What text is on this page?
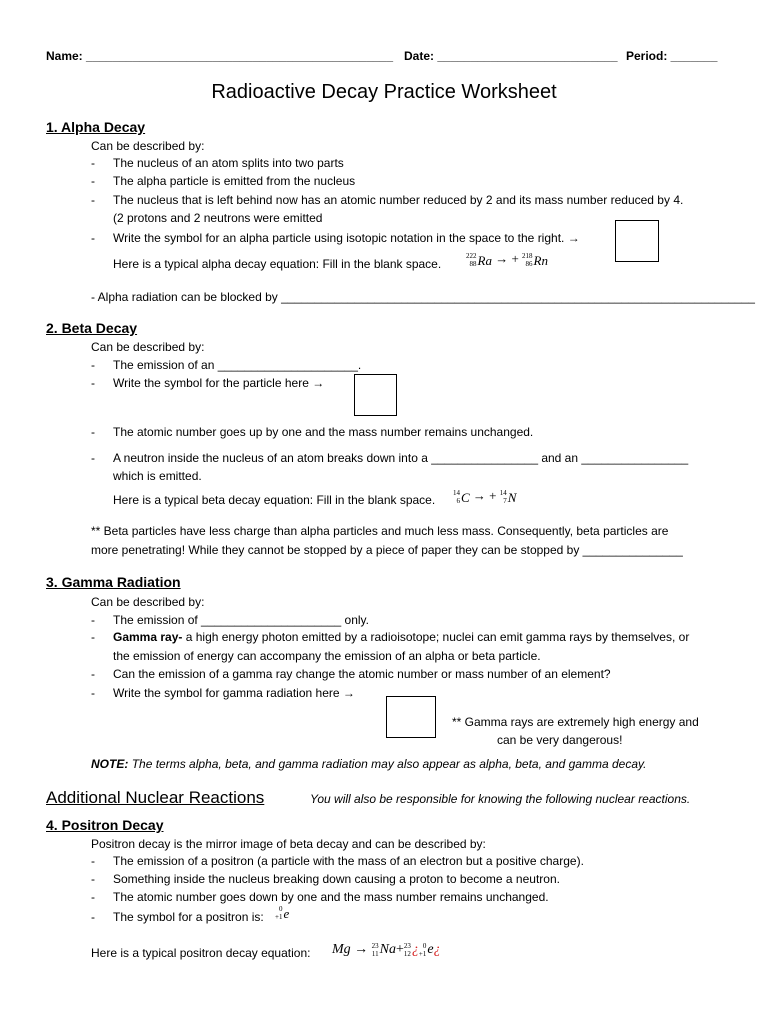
Name: ______________________________________________ Date: ___________________________ Period: _______
Radioactive Decay Practice Worksheet
1. Alpha Decay
Can be described by:
- The nucleus of an atom splits into two parts
- The alpha particle is emitted from the nucleus
- The nucleus that is left behind now has an atomic number reduced by 2 and its mass number reduced by 4.
(2 protons and 2 neutrons were emitted
- Write the symbol for an alpha particle using isotopic notation in the space to the right. →
Here is a typical alpha decay equation: Fill in the blank space.
222
88 Ra → + 218
86 Rn
- Alpha radiation can be blocked by _______________________________________________________________________
2. Beta Decay
Can be described by:
- The emission of an _____________________.
- Write the symbol for the particle here →
- The atomic number goes up by one and the mass number remains unchanged.
- A neutron inside the nucleus of an atom breaks down into a ________________ and an ________________
which is emitted.
Here is a typical beta decay equation: Fill in the blank space.	14
6 C → + 14
7 N
** Beta particles have less charge than alpha particles and much less mass. Consequently, beta particles are
more penetrating! While they cannot be stopped by a piece of paper they can be stopped by _______________
3. Gamma Radiation
Can be described by:
- The emission of _____________________ only.
- Gamma ray- a high energy photon emitted by a radioisotope; nuclei can emit gamma rays by themselves, or
the emission of energy can accompany the emission of an alpha or beta particle.
- Can the emission of a gamma ray change the atomic number or mass number of an element?
- Write the symbol for gamma radiation here →
** Gamma rays are extremely high energy and
can be very dangerous!
NOTE: The terms alpha, beta, and gamma radiation may also appear as alpha, beta, and gamma decay.
Additional Nuclear Reactions	You will also be responsible for knowing the following nuclear reactions.
4. Positron Decay
Positron decay is the mirror image of beta decay and can be described by:
- The emission of a positron (a particle with the mass of an electron but a positive charge).
- Something inside the nucleus breaking down causing a proton to become a neutron.
- The atomic number goes down by one and the mass number remains unchanged.
- The symbol for a positron is:
0
+1 e
Here is a typical positron decay equation: Mg → 23
11 Na + 23
12 ¿ 0
+1 e ¿
